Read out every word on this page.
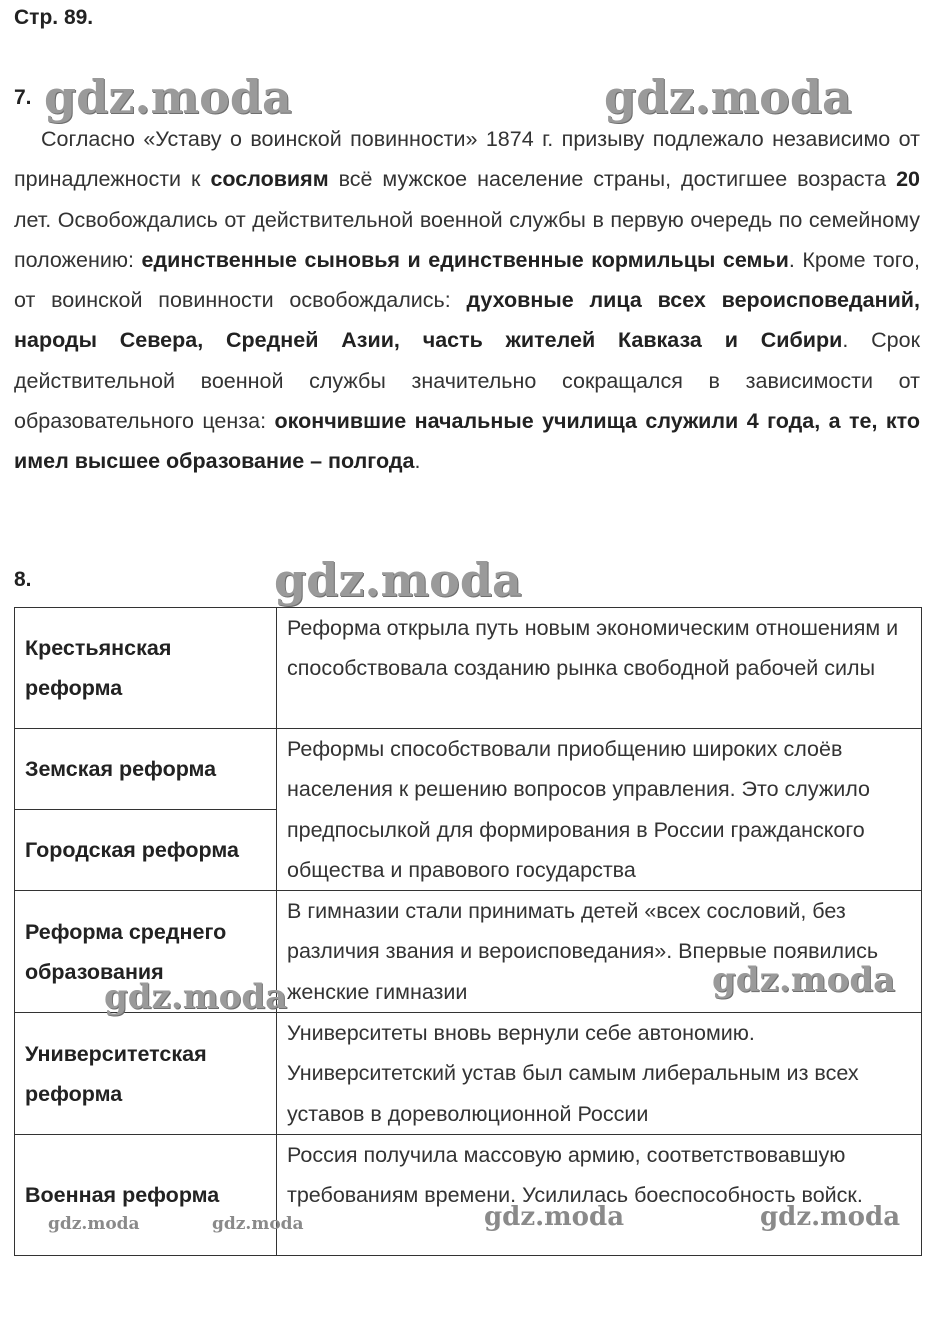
Стр. 89.
7.

Согласно «Уставу о воинской повинности» 1874 г. призыву подлежало независимо от принадлежности к сословиям всё мужское население страны, достигшее возраста 20 лет. Освобождались от действительной военной службы в первую очередь по семейному положению: единственные сыновья и единственные кормильцы семьи. Кроме того, от воинской повинности освобождались: духовные лица всех вероисповеданий, народы Севера, Средней Азии, часть жителей Кавказа и Сибири. Срок действительной военной службы значительно сокращался в зависимости от образовательного ценза: окончившие начальные училища служили 4 года, а те, кто имел высшее образование – полгода.

8.
Крестьянская реформа	Реформа открыла путь новым экономическим отношениям и способствовала созданию рынка свободной рабочей силы
Земская реформа	Реформы способствовали приобщению широких слоёв населения к решению вопросов управления. Это служило предпосылкой для формирования в России гражданского общества и правового государства
Городская реформа	
Реформа среднего образования	В гимназии стали принимать детей «всех сословий, без различия звания и вероисповедания». Впервые появились женские гимназии
Университетская реформа	Университеты вновь вернули себе автономию. Университетский устав был самым либеральным из всех уставов в дореволюционной России
Военная реформа	Россия получила массовую армию, соответствовавшую требованиям времени. Усилилась боеспособность войск.
gdz.moda	gdz.moda
gdz.moda
gdz.moda	gdz.moda
gdz.moda	gdz.moda	gdz.moda	gdz.moda
